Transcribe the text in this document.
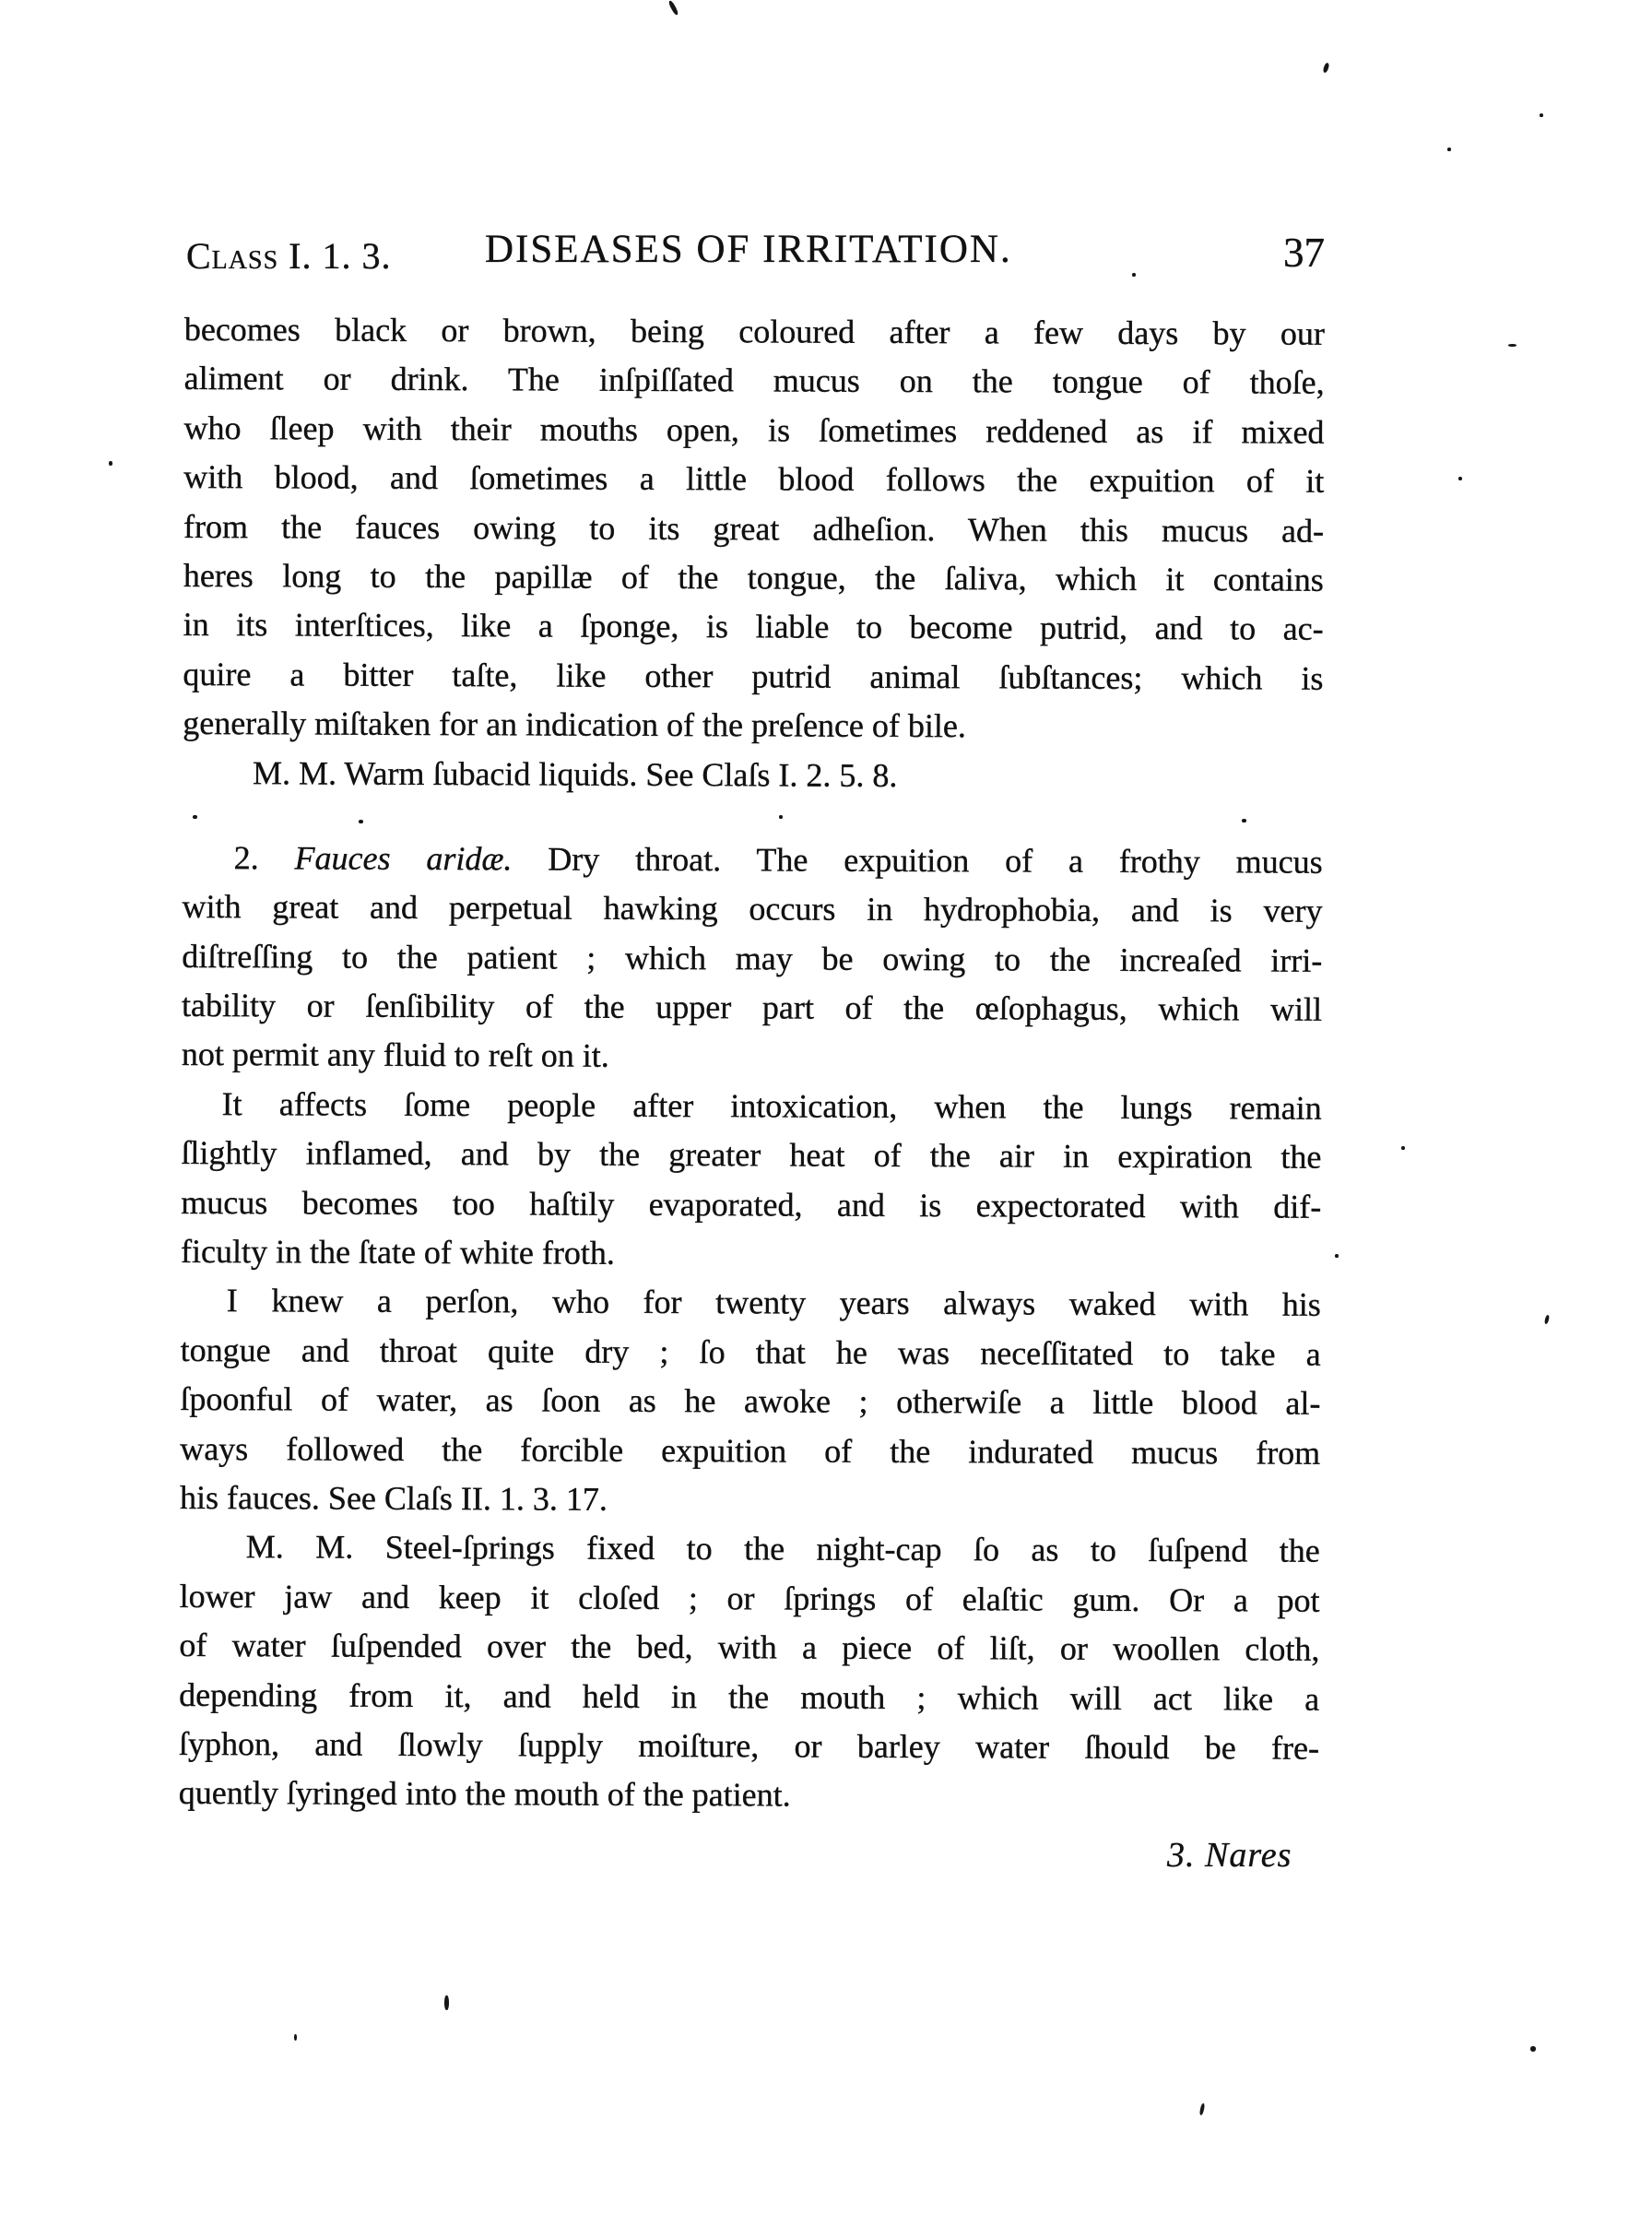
Class I. 1. 3. DISEASES OF IRRITATION.	37
becomes black or brown, being coloured after a few days by our
aliment or drink. The inſpiſſated mucus on the tongue of thoſe,
who ſleep with their mouths open, is ſometimes reddened as if mixed
with blood, and ſometimes a little blood follows the expuition of it
from the fauces owing to its great adheſion. When this mucus ad-
heres long to the papillæ of the tongue, the ſaliva, which it contains
in its interſtices, like a ſponge, is liable to become putrid, and to ac-
quire a bitter taſte, like other putrid animal ſubſtances; which is
generally miſtaken for an indication of the preſence of bile.
M. M. Warm ſubacid liquids. See Claſs I. 2. 5. 8.
2. Fauces aridæ. Dry throat. The expuition of a frothy mucus
with great and perpetual hawking occurs in hydrophobia, and is very
diſtreſſing to the patient ; which may be owing to the increaſed irri-
tability or ſenſibility of the upper part of the œſophagus, which will
not permit any fluid to reſt on it.
It affects ſome people after intoxication, when the lungs remain
ſlightly inflamed, and by the greater heat of the air in expiration the
mucus becomes too haſtily evaporated, and is expectorated with dif-
ficulty in the ſtate of white froth.
I knew a perſon, who for twenty years always waked with his
tongue and throat quite dry ; ſo that he was neceſſitated to take a
ſpoonful of water, as ſoon as he awoke ; otherwiſe a little blood al-
ways followed the forcible expuition of the indurated mucus from
his fauces. See Claſs II. 1. 3. 17.
M. M. Steel-ſprings fixed to the night-cap ſo as to ſuſpend the
lower jaw and keep it cloſed ; or ſprings of elaſtic gum. Or a pot
of water ſuſpended over the bed, with a piece of liſt, or woollen cloth,
depending from it, and held in the mouth ; which will act like a
ſyphon, and ſlowly ſupply moiſture, or barley water ſhould be fre-
quently ſyringed into the mouth of the patient.
3. Nares
